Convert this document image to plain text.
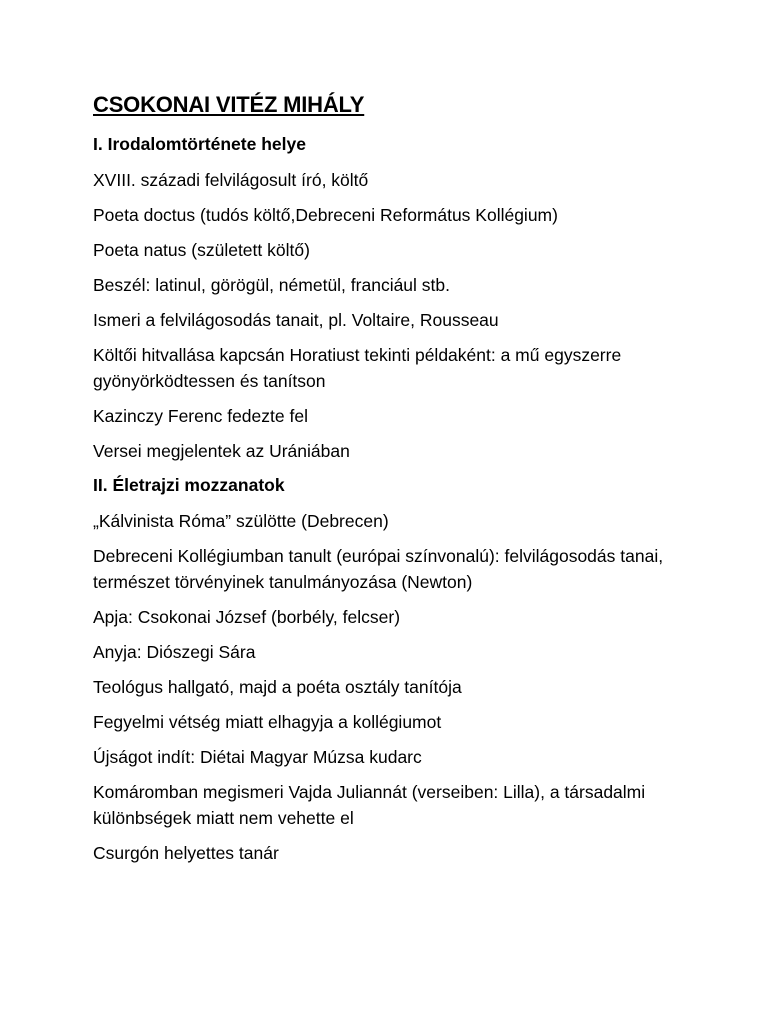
CSOKONAI VITÉZ MIHÁLY
I. Irodalomtörténete helye

XVIII. századi felvilágosult író, költő

Poeta doctus (tudós költő,Debreceni Református Kollégium)

Poeta natus (született költő)

Beszél: latinul, görögül, németül, franciául stb.

Ismeri a felvilágosodás tanait, pl. Voltaire, Rousseau

Költői hitvallása kapcsán Horatiust tekinti példaként: a mű egyszerre gyönyörködtessen és tanítson

Kazinczy Ferenc fedezte fel

Versei megjelentek az Urániában

II. Életrajzi mozzanatok

„Kálvinista Róma” szülötte (Debrecen)

Debreceni Kollégiumban tanult (európai színvonalú): felvilágosodás tanai, természet törvényinek tanulmányozása (Newton)

Apja: Csokonai József (borbély, felcser)

Anyja: Diószegi Sára

Teológus hallgató, majd a poéta osztály tanítója

Fegyelmi vétség miatt elhagyja a kollégiumot

Újságot indít: Diétai Magyar Múzsa kudarc

Komáromban megismeri Vajda Juliannát (verseiben: Lilla), a társadalmi különbségek miatt nem vehette el

Csurgón helyettes tanár
